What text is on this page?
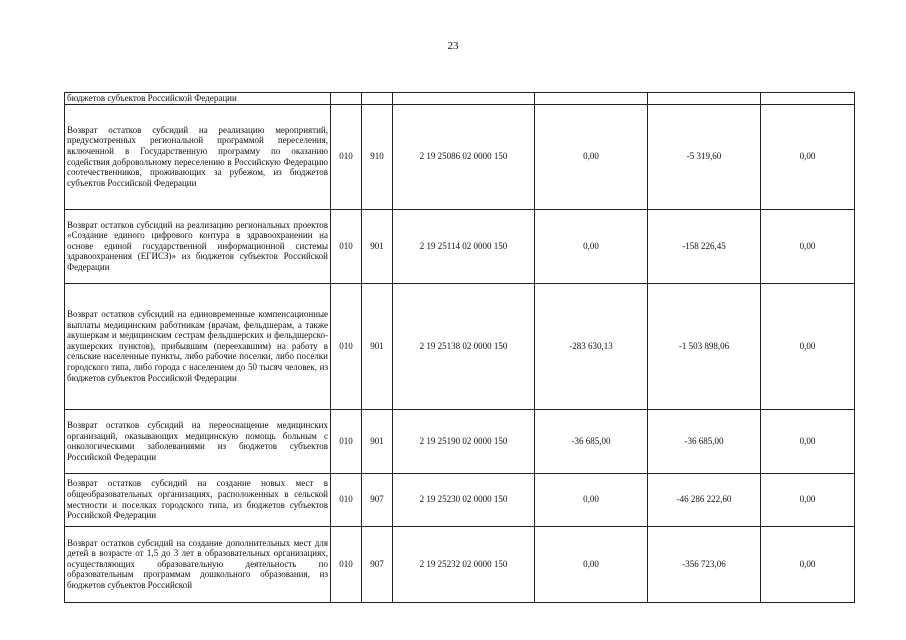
23
бюджетов субъектов Российской Федерации						
Возврат остатков субсидий на реализацию мероприятий, предусмотренных региональной программой переселения, включенной в Государственную программу по оказанию содействия добровольному переселению в Российскую Федерацию соотечественников, проживающих за рубежом, из бюджетов субъектов Российской Федерации	010	910	2 19 25086 02 0000 150	0,00	-5 319,60	0,00
Возврат остатков субсидий на реализацию региональных проектов «Создание единого цифрового контура в здравоохранении на основе единой государственной информационной системы здравоохранения (ЕГИСЗ)» из бюджетов субъектов Российской Федерации	010	901	2 19 25114 02 0000 150	0,00	-158 226,45	0,00
Возврат остатков субсидий на единовременные компенсационные выплаты медицинским работникам (врачам, фельдшерам, а также акушеркам и медицинским сестрам фельдшерских и фельдшерско-акушерских пунктов), прибывшим (переехавшим) на работу в сельские населенные пункты, либо рабочие поселки, либо поселки городского типа, либо города с населением до 50 тысяч человек, из бюджетов субъектов Российской Федерации	010	901	2 19 25138 02 0000 150	-283 630,13	-1 503 898,06	0,00
Возврат остатков субсидий на переоснащение медицинских организаций, оказывающих медицинскую помощь больным с онкологическими заболеваниями из бюджетов субъектов Российской Федерации	010	901	2 19 25190 02 0000 150	-36 685,00	-36 685,00	0,00
Возврат остатков субсидий на создание новых мест в общеобразовательных организациях, расположенных в сельской местности и поселках городского типа, из бюджетов субъектов Российской Федерации	010	907	2 19 25230 02 0000 150	0,00	-46 286 222,60	0,00
Возврат остатков субсидий на создание дополнительных мест для детей в возрасте от 1,5 до 3 лет в образовательных организациях, осуществляющих образовательную деятельность по образовательным программам дошкольного образования, из бюджетов субъектов Российской	010	907	2 19 25232 02 0000 150	0,00	-356 723,06	0,00
